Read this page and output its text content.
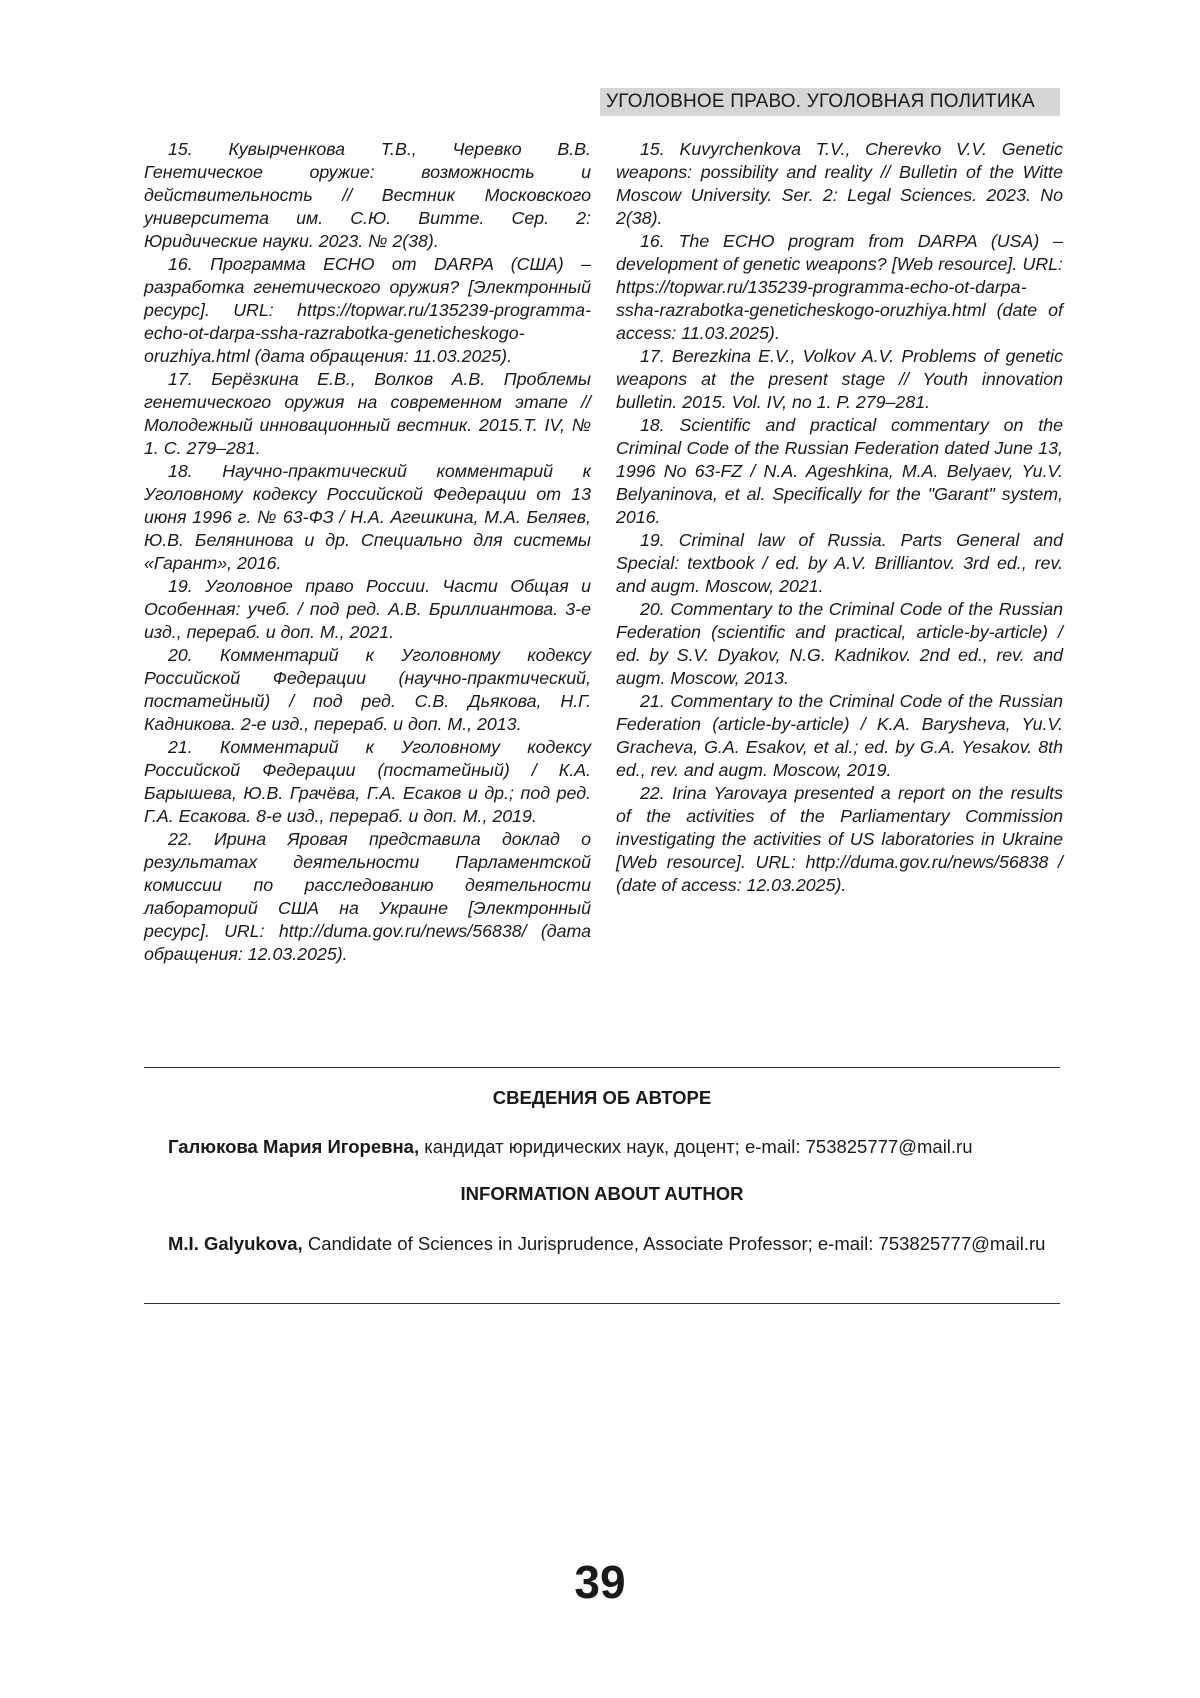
УГОЛОВНОЕ ПРАВО. УГОЛОВНАЯ ПОЛИТИКА

15. Кувырченкова Т.В., Черевко В.В. Генетическое оружие: возможность и действительность // Вестник Московского университета им. С.Ю. Витте. Сер. 2: Юридические науки. 2023. № 2(38).

16. Программа ECHO от DARPA (США) – разработка генетического оружия? [Электронный ресурс]. URL: https://topwar.ru/135239-programma-echo-ot-darpa-ssha-razrabotka-geneticheskogo-oruzhiya.html (дата обращения: 11.03.2025).

17. Берёзкина Е.В., Волков А.В. Проблемы генетического оружия на современном этапе // Молодежный инновационный вестник. 2015.Т. IV, № 1. С. 279–281.

18. Научно-практический комментарий к Уголовному кодексу Российской Федерации от 13 июня 1996 г. № 63-ФЗ / Н.А. Агешкина, М.А. Беляев, Ю.В. Белянинова и др. Специально для системы «Гарант», 2016.

19. Уголовное право России. Части Общая и Особенная: учеб. / под ред. А.В. Бриллиантова. 3-е изд., перераб. и доп. М., 2021.

20. Комментарий к Уголовному кодексу Российской Федерации (научно-практический, постатейный) / под ред. С.В. Дьякова, Н.Г. Кадникова. 2-е изд., перераб. и доп. М., 2013.

21. Комментарий к Уголовному кодексу Российской Федерации (постатейный) / К.А. Барышева, Ю.В. Грачёва, Г.А. Есаков и др.; под ред. Г.А. Есакова. 8-е изд., перераб. и доп. М., 2019.

22. Ирина Яровая представила доклад о результатах деятельности Парламентской комиссии по расследованию деятельности лабораторий США на Украине [Электронный ресурс]. URL: http://duma.gov.ru/news/56838/ (дата обращения: 12.03.2025).

15. Kuvyrchenkova T.V., Cherevko V.V. Genetic weapons: possibility and reality // Bulletin of the Witte Moscow University. Ser. 2: Legal Sciences. 2023. No 2(38).

16. The ECHO program from DARPA (USA) – development of genetic weapons? [Web resource]. URL: https://topwar.ru/135239-programma-echo-ot-darpa-ssha-razrabotka-geneticheskogo-oruzhiya.html (date of access: 11.03.2025).

17. Berezkina E.V., Volkov A.V. Problems of genetic weapons at the present stage // Youth innovation bulletin. 2015. Vol. IV, no 1. P. 279–281.

18. Scientific and practical commentary on the Criminal Code of the Russian Federation dated June 13, 1996 No 63-FZ / N.A. Ageshkina, M.A. Belyaev, Yu.V. Belyaninova, et al. Specifically for the "Garant" system, 2016.

19. Criminal law of Russia. Parts General and Special: textbook / ed. by A.V. Brilliantov. 3rd ed., rev. and augm. Moscow, 2021.

20. Commentary to the Criminal Code of the Russian Federation (scientific and practical, article-by-article) / ed. by S.V. Dyakov, N.G. Kadnikov. 2nd ed., rev. and augm. Moscow, 2013.

21. Commentary to the Criminal Code of the Russian Federation (article-by-article) / K.A. Barysheva, Yu.V. Gracheva, G.A. Esakov, et al.; ed. by G.A. Yesakov. 8th ed., rev. and augm. Moscow, 2019.

22. Irina Yarovaya presented a report on the results of the activities of the Parliamentary Commission investigating the activities of US laboratories in Ukraine [Web resource]. URL: http://duma.gov.ru/news/56838 / (date of access: 12.03.2025).

СВЕДЕНИЯ ОБ АВТОРЕ
Галюкова Мария Игоревна, кандидат юридических наук, доцент; e-mail: 753825777@mail.ru
INFORMATION ABOUT AUTHOR
M.I. Galyukova, Candidate of Sciences in Jurisprudence, Associate Professor; e-mail: 753825777@mail.ru
39
